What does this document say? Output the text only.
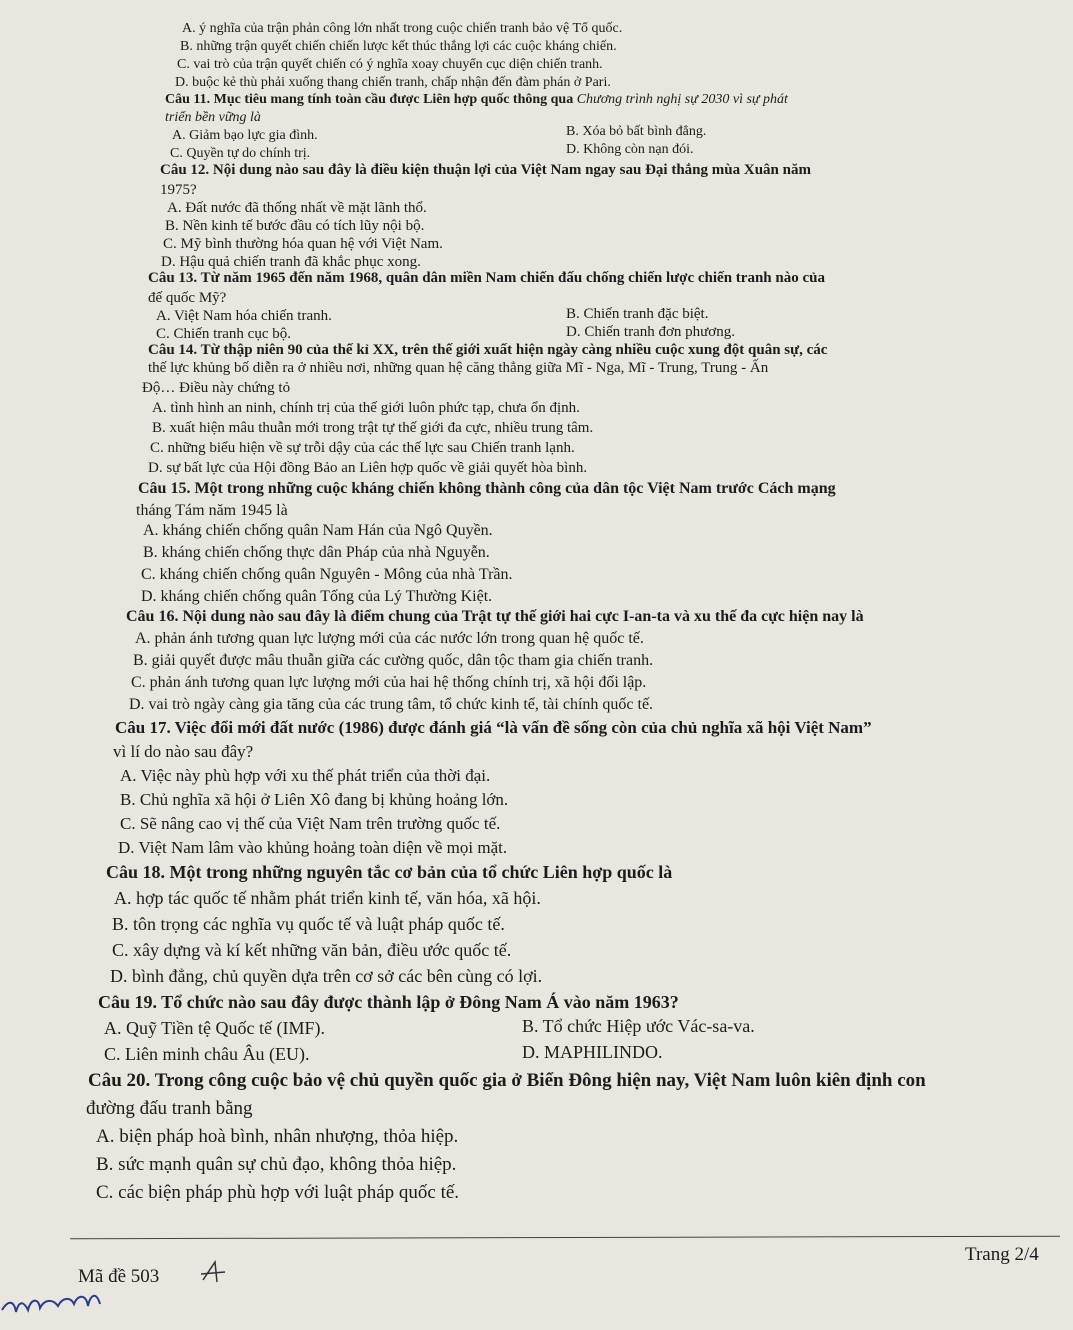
A. ý nghĩa của trận phản công lớn nhất trong cuộc chiến tranh bảo vệ Tổ quốc.
B. những trận quyết chiến chiến lược kết thúc thắng lợi các cuộc kháng chiến.
C. vai trò của trận quyết chiến có ý nghĩa xoay chuyển cục diện chiến tranh.
D. buộc kẻ thù phải xuống thang chiến tranh, chấp nhận đến đàm phán ở Pari.
Câu 11. Mục tiêu mang tính toàn cầu được Liên hợp quốc thông qua Chương trình nghị sự 2030 vì sự phát
triển bền vững là
A. Giảm bạo lực gia đình.	B. Xóa bỏ bất bình đẳng.
C. Quyền tự do chính trị.	D. Không còn nạn đói.
Câu 12. Nội dung nào sau đây là điều kiện thuận lợi của Việt Nam ngay sau Đại thắng mùa Xuân năm
1975?
A. Đất nước đã thống nhất về mặt lãnh thổ.
B. Nền kinh tế bước đầu có tích lũy nội bộ.
C. Mỹ bình thường hóa quan hệ với Việt Nam.
D. Hậu quả chiến tranh đã khắc phục xong.
Câu 13. Từ năm 1965 đến năm 1968, quân dân miền Nam chiến đấu chống chiến lược chiến tranh nào của
đế quốc Mỹ?
A. Việt Nam hóa chiến tranh.	B. Chiến tranh đặc biệt.
C. Chiến tranh cục bộ.	D. Chiến tranh đơn phương.
Câu 14. Từ thập niên 90 của thế kỉ XX, trên thế giới xuất hiện ngày càng nhiều cuộc xung đột quân sự, các
thế lực khủng bố diễn ra ở nhiều nơi, những quan hệ căng thẳng giữa Mĩ - Nga, Mĩ - Trung, Trung - Ấn
Độ… Điều này chứng tỏ
A. tình hình an ninh, chính trị của thế giới luôn phức tạp, chưa ổn định.
B. xuất hiện mâu thuẫn mới trong trật tự thế giới đa cực, nhiều trung tâm.
C. những biểu hiện về sự trỗi dậy của các thế lực sau Chiến tranh lạnh.
D. sự bất lực của Hội đồng Bảo an Liên hợp quốc về giải quyết hòa bình.
Câu 15. Một trong những cuộc kháng chiến không thành công của dân tộc Việt Nam trước Cách mạng
tháng Tám năm 1945 là
A. kháng chiến chống quân Nam Hán của Ngô Quyền.
B. kháng chiến chống thực dân Pháp của nhà Nguyễn.
C. kháng chiến chống quân Nguyên - Mông của nhà Trần.
D. kháng chiến chống quân Tống của Lý Thường Kiệt.
Câu 16. Nội dung nào sau đây là điểm chung của Trật tự thế giới hai cực I-an-ta và xu thế đa cực hiện nay là
A. phản ánh tương quan lực lượng mới của các nước lớn trong quan hệ quốc tế.
B. giải quyết được mâu thuẫn giữa các cường quốc, dân tộc tham gia chiến tranh.
C. phản ánh tương quan lực lượng mới của hai hệ thống chính trị, xã hội đối lập.
D. vai trò ngày càng gia tăng của các trung tâm, tổ chức kinh tế, tài chính quốc tế.
Câu 17. Việc đổi mới đất nước (1986) được đánh giá “là vấn đề sống còn của chủ nghĩa xã hội Việt Nam”
vì lí do nào sau đây?
A. Việc này phù hợp với xu thế phát triển của thời đại.
B. Chủ nghĩa xã hội ở Liên Xô đang bị khủng hoảng lớn.
C. Sẽ nâng cao vị thế của Việt Nam trên trường quốc tế.
D. Việt Nam lâm vào khủng hoảng toàn diện về mọi mặt.
Câu 18. Một trong những nguyên tắc cơ bản của tổ chức Liên hợp quốc là
A. hợp tác quốc tế nhằm phát triển kinh tế, văn hóa, xã hội.
B. tôn trọng các nghĩa vụ quốc tế và luật pháp quốc tế.
C. xây dựng và kí kết những văn bản, điều ước quốc tế.
D. bình đẳng, chủ quyền dựa trên cơ sở các bên cùng có lợi.
Câu 19. Tổ chức nào sau đây được thành lập ở Đông Nam Á vào năm 1963?
A. Quỹ Tiền tệ Quốc tế (IMF).	B. Tổ chức Hiệp ước Vác-sa-va.
C. Liên minh châu Âu (EU).	D. MAPHILINDO.
Câu 20. Trong công cuộc bảo vệ chủ quyền quốc gia ở Biển Đông hiện nay, Việt Nam luôn kiên định con
đường đấu tranh bằng
A. biện pháp hoà bình, nhân nhượng, thỏa hiệp.
B. sức mạnh quân sự chủ đạo, không thỏa hiệp.
C. các biện pháp phù hợp với luật pháp quốc tế.
Mã đề 503
Trang 2/4
